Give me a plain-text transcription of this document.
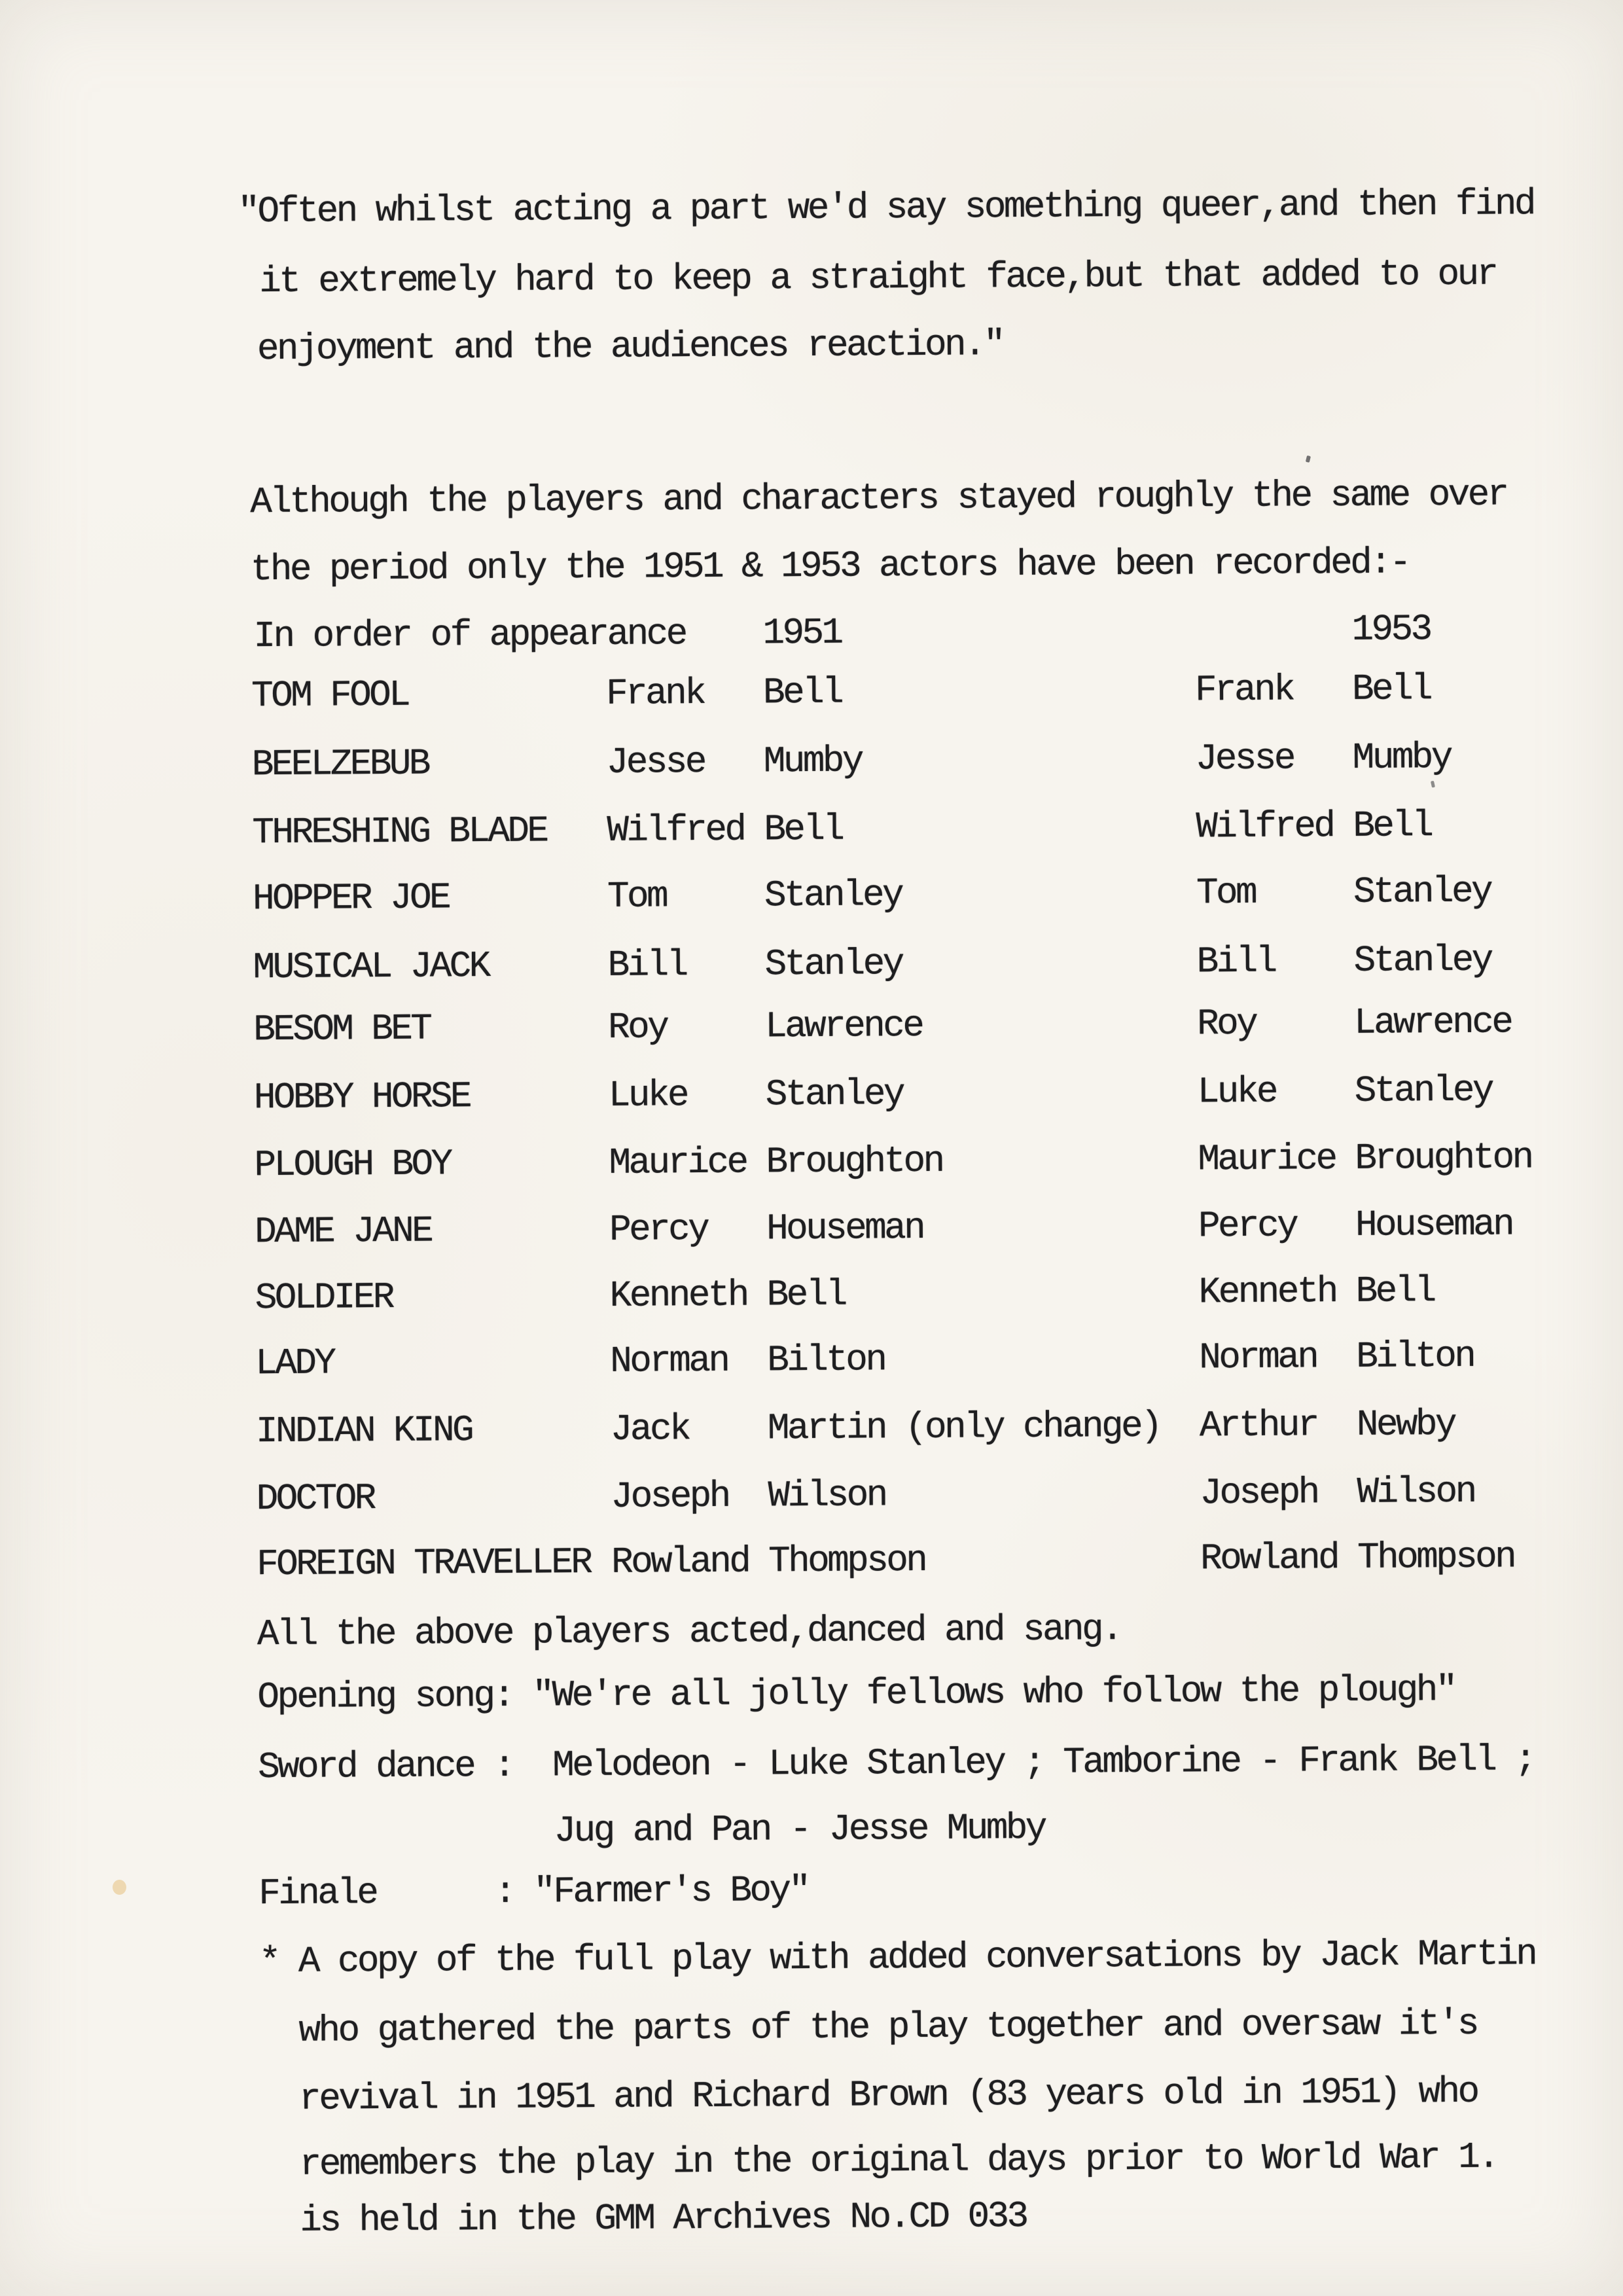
"Often whilst acting a part we'd say something queer,and then find
it extremely hard to keep a straight face,but that added to our
enjoyment and the audiences reaction."
Although the players and characters stayed roughly the same over
the period only the 1951 & 1953 actors have been recorded:-
In order of appearance 1951	1953
TOM FOOL	Frank Bell	Frank Bell
BEELZEBUB	Jesse Mumby	Jesse Mumby
THRESHING BLADE Wilfred Bell	Wilfred Bell
HOPPER JOE	Tom	Stanley	Tom	Stanley
MUSICAL JACK	Bill Stanley	Bill Stanley
BESOM BET	Roy	Lawrence	Roy	Lawrence
HOBBY HORSE	Luke Stanley	Luke Stanley
PLOUGH BOY	Maurice Broughton	Maurice Broughton
DAME JANE	Percy Houseman	Percy Houseman
SOLDIER	Kenneth Bell	Kenneth Bell
LADY	Norman Bilton	Norman Bilton
INDIAN KING	Jack Martin (only change) Arthur Newby
DOCTOR	Joseph Wilson	Joseph Wilson
FOREIGN TRAVELLER Rowland Thompson	Rowland Thompson
All the above players acted,danced and sang.
Opening song: "We're all jolly fellows who follow the plough"
Sword dance :  Melodeon - Luke Stanley ; Tamborine - Frank Bell ;
Jug and Pan - Jesse Mumby
Finale      : "Farmer's Boy"
* A copy of the full play with added conversations by Jack Martin
who gathered the parts of the play together and oversaw it's
revival in 1951 and Richard Brown (83 years old in 1951) who
remembers the play in the original days prior to World War 1.
is held in the GMM Archives No.CD 033
